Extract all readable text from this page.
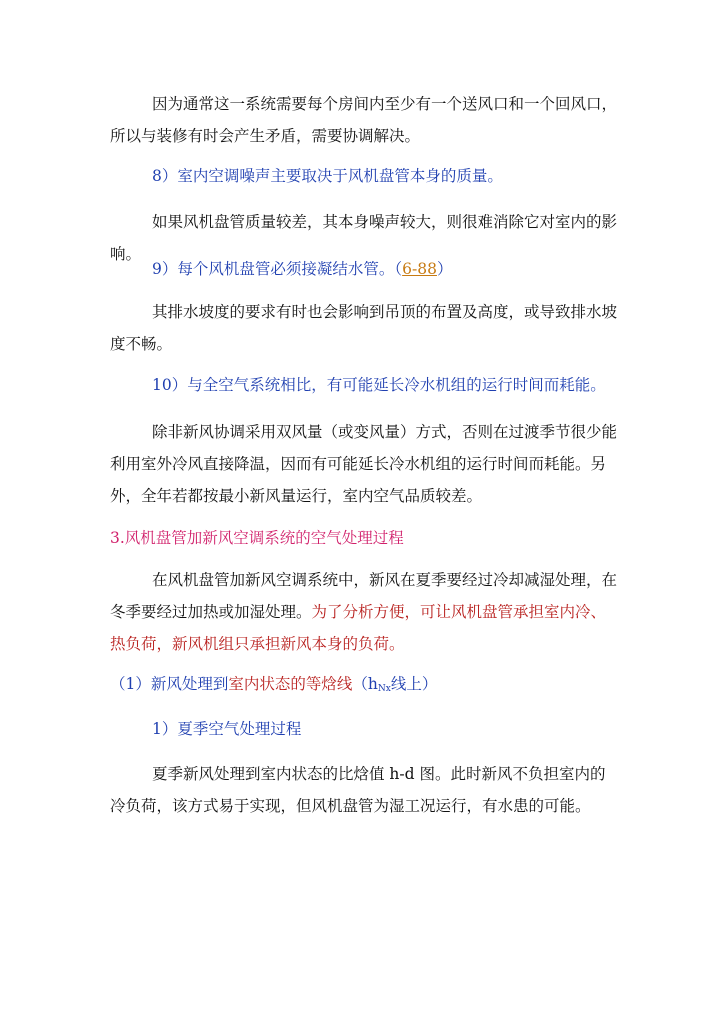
因为通常这一系统需要每个房间内至少有一个送风口和一个回风口，所以与装修有时会产生矛盾，需要协调解决。

8）室内空调噪声主要取决于风机盘管本身的质量。

如果风机盘管质量较差，其本身噪声较大，则很难消除它对室内的影响。

9）每个风机盘管必须接凝结水管。（6-88）

其排水坡度的要求有时也会影响到吊顶的布置及高度，或导致排水坡度不畅。

10）与全空气系统相比，有可能延长冷水机组的运行时间而耗能。

除非新风协调采用双风量（或变风量）方式，否则在过渡季节很少能利用室外冷风直接降温，因而有可能延长冷水机组的运行时间而耗能。另外，全年若都按最小新风量运行，室内空气品质较差。

3.风机盘管加新风空调系统的空气处理过程

在风机盘管加新风空调系统中，新风在夏季要经过冷却减湿处理，在冬季要经过加热或加湿处理。为了分析方便，可让风机盘管承担室内冷、热负荷，新风机组只承担新风本身的负荷。

（1）新风处理到室内状态的等焓线（$h_{Nx}$线上）

1）夏季空气处理过程

夏季新风处理到室内状态的比焓值 h-d 图。此时新风不负担室内的冷负荷，该方式易于实现，但风机盘管为湿工况运行，有水患的可能。
